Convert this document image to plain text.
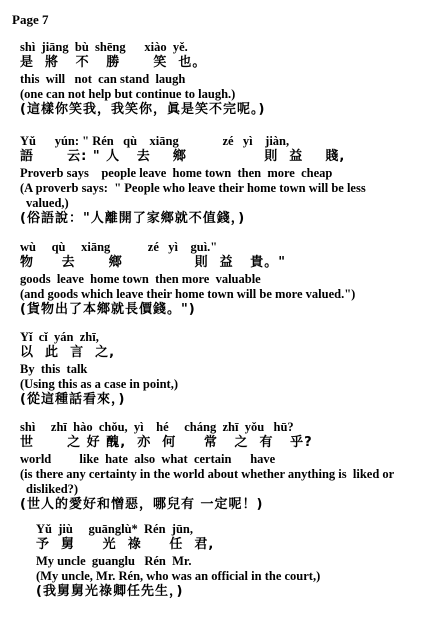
Page 7
shì  jiāng  bù  shēng      xiào  yě.
是  將   不   勝      笑  也。
this  will   not  can stand  laugh
(one can not help but continue to laugh.)
(這樣你笑我，我笑你，眞是笑不完呢。)
Yǔ      yún: " Rén   qù    xiāng              zé   yì    jiàn,
語      云: " 人   去    鄉              則  益    賤,
Proverb says    people leave  home town  then  more  cheap
(A proverb says:  " People who leave their home town will be less
valued,)
(俗語說："人離開了家鄉就不值錢，)
wù     qù     xiāng            zé   yì    guì."
物     去      鄉             則  益   貴。"
goods  leave  home town  then more  valuable
(and goods which leave their home town will be more valued.")
(貨物出了本鄉就長價錢。")
Yǐ  cǐ  yán  zhī,
以  此  言  之,
By  this  talk
(Using this as a case in point,)
(從這種話看來，)
shì     zhī  hào  chǒu,  yì    hé     cháng  zhī  yǒu   hū?
世      之 好 醜,  亦  何     常   之  有   乎?
world         like  hate  also  what  certain      have
(is there any certainty in the world about whether anything is  liked or
disliked?)
(世人的愛好和憎惡，哪兒有 一定呢！)
Yǔ  jiù     guānglù*  Rén  jūn,
予  舅     光  祿     任  君,
My uncle  guanglu   Rén  Mr.
(My uncle, Mr. Rén, who was an official in the court,)
(我舅舅光祿卿任先生，)
